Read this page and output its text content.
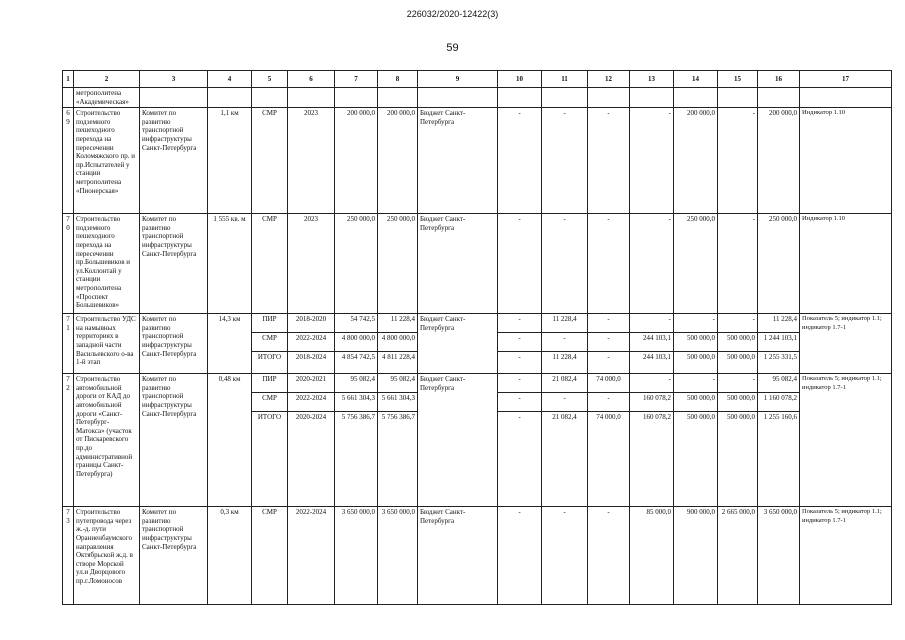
226032/2020-12422(3)
59
1	2	3	4	5	6	7	8	9	10	11	12	13	14	15	16	17
	метрополитена «Академическая»															
69	Строительство подземного пешеходного перехода на пересечении Коломяжского пр. и пр.Испытателей у станции метрополитена «Пионерская»	Комитет по развитию транспортной инфраструктуры Санкт-Петербурга	1,1 км	СМР	2023	200 000,0	200 000,0	Бюджет Санкт-Петербурга	-	-	-	-	200 000,0	-	200 000,0	Индикатор 1.10
70	Строительство подземного пешеходного перехода на пересечении пр.Большевиков и ул.Коллонтай у станции метрополитена «Проспект Большевиков»	Комитет по развитию транспортной инфраструктуры Санкт-Петербурга	1 555 кв. м	СМР	2023	250 000,0	250 000,0	Бюджет Санкт-Петербурга	-	-	-	-	250 000,0	-	250 000,0	Индикатор 1.10
71	Строительство УДС на намывных территориях в западной части Васильевского о-ва 1-й этап	Комитет по развитию транспортной инфраструктуры Санкт-Петербурга	14,3 км	ПИР	2018-2020	54 742,5	11 228,4	Бюджет Санкт-Петербурга	-	11 228,4	-	-	-	-	11 228,4	Показатель 5; индикатор 1.1; индикатор 1.7-1
				СМР	2022-2024	4 800 000,0	4 800 000,0		-	-	-	244 103,1	500 000,0	500 000,0	1 244 103,1	
				ИТОГО	2018-2024	4 854 742,5	4 811 228,4		-	11 228,4	-	244 103,1	500 000,0	500 000,0	1 255 331,5	
72	Строительство автомобильной дороги от КАД до автомобильной дороги «Санкт-Петербург-Матокса» (участок от Пискаревского пр.до административной границы Санкт-Петербурга)	Комитет по развитию транспортной инфраструктуры Санкт-Петербурга	0,48 км	ПИР	2020-2021	95 082,4	95 082,4	Бюджет Санкт-Петербурга	-	21 082,4	74 000,0	-	-	-	95 082,4	Показатель 5; индикатор 1.1; индикатор 1.7-1
				СМР	2022-2024	5 661 304,3	5 661 304,3		-	-	-	160 078,2	500 000,0	500 000,0	1 160 078,2	
				ИТОГО	2020-2024	5 756 386,7	5 756 386,7		-	21 082,4	74 000,0	160 078,2	500 000,0	500 000,0	1 255 160,6	
73	Строительство путепровода через ж.-д. пути Ораниенбаумского направления Октябрьской ж.д. в створе Морской ул.и Дворцового пр.г.Ломоносов	Комитет по развитию транспортной инфраструктуры Санкт-Петербурга	0,3 км	СМР	2022-2024	3 650 000,0	3 650 000,0	Бюджет Санкт-Петербурга	-	-	-	85 000,0	900 000,0	2 665 000,0	3 650 000,0	Показатель 5; индикатор 1.1; индикатор 1.7-1
